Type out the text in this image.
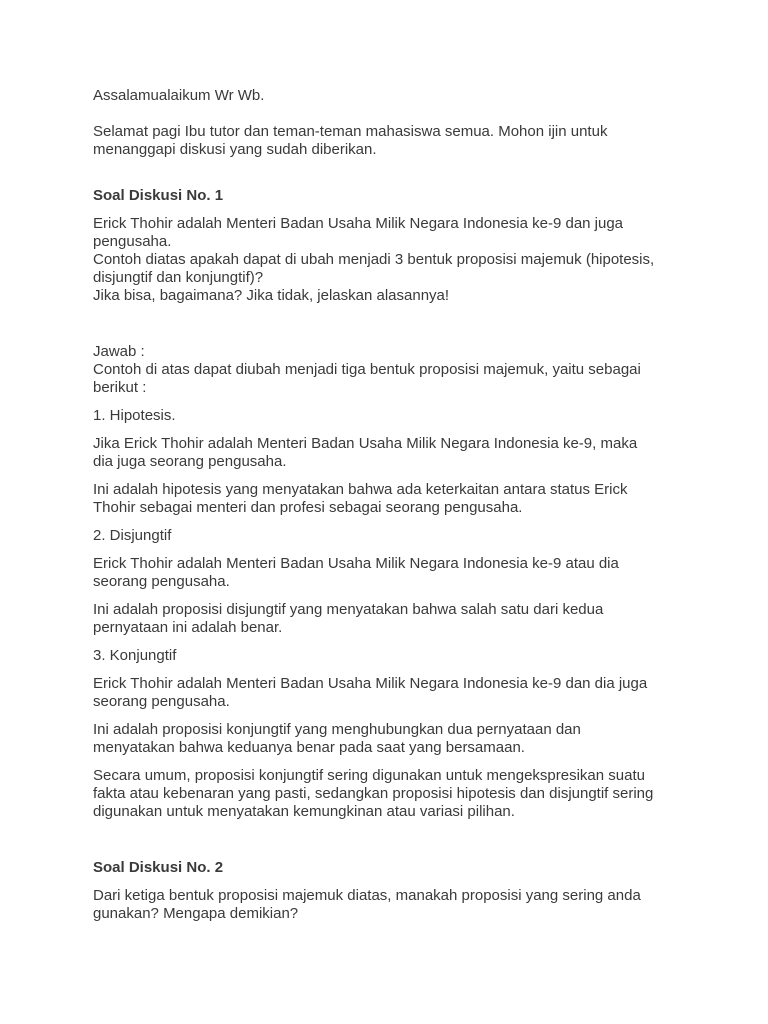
Assalamualaikum Wr Wb.

Selamat pagi Ibu tutor dan teman-teman mahasiswa semua. Mohon ijin untuk

menanggapi diskusi yang sudah diberikan.

Soal Diskusi No. 1

Erick Thohir adalah Menteri Badan Usaha Milik Negara Indonesia ke-9 dan juga

pengusaha.

Contoh diatas apakah dapat di ubah menjadi 3 bentuk proposisi majemuk (hipotesis,

disjungtif dan konjungtif)?

Jika bisa, bagaimana? Jika tidak, jelaskan alasannya!

Jawab :

Contoh di atas dapat diubah menjadi tiga bentuk proposisi majemuk, yaitu sebagai

berikut :

1. Hipotesis.

Jika Erick Thohir adalah Menteri Badan Usaha Milik Negara Indonesia ke-9, maka

dia juga seorang pengusaha.

Ini adalah hipotesis yang menyatakan bahwa ada keterkaitan antara status Erick

Thohir sebagai menteri dan profesi sebagai seorang pengusaha.

2. Disjungtif

Erick Thohir adalah Menteri Badan Usaha Milik Negara Indonesia ke-9 atau dia

seorang pengusaha.

Ini adalah proposisi disjungtif yang menyatakan bahwa salah satu dari kedua

pernyataan ini adalah benar.

3. Konjungtif

Erick Thohir adalah Menteri Badan Usaha Milik Negara Indonesia ke-9 dan dia juga

seorang pengusaha.

Ini adalah proposisi konjungtif yang menghubungkan dua pernyataan dan

menyatakan bahwa keduanya benar pada saat yang bersamaan.

Secara umum, proposisi konjungtif sering digunakan untuk mengekspresikan suatu

fakta atau kebenaran yang pasti, sedangkan proposisi hipotesis dan disjungtif sering

digunakan untuk menyatakan kemungkinan atau variasi pilihan.

Soal Diskusi No. 2

Dari ketiga bentuk proposisi majemuk diatas, manakah proposisi yang sering anda

gunakan? Mengapa demikian?
